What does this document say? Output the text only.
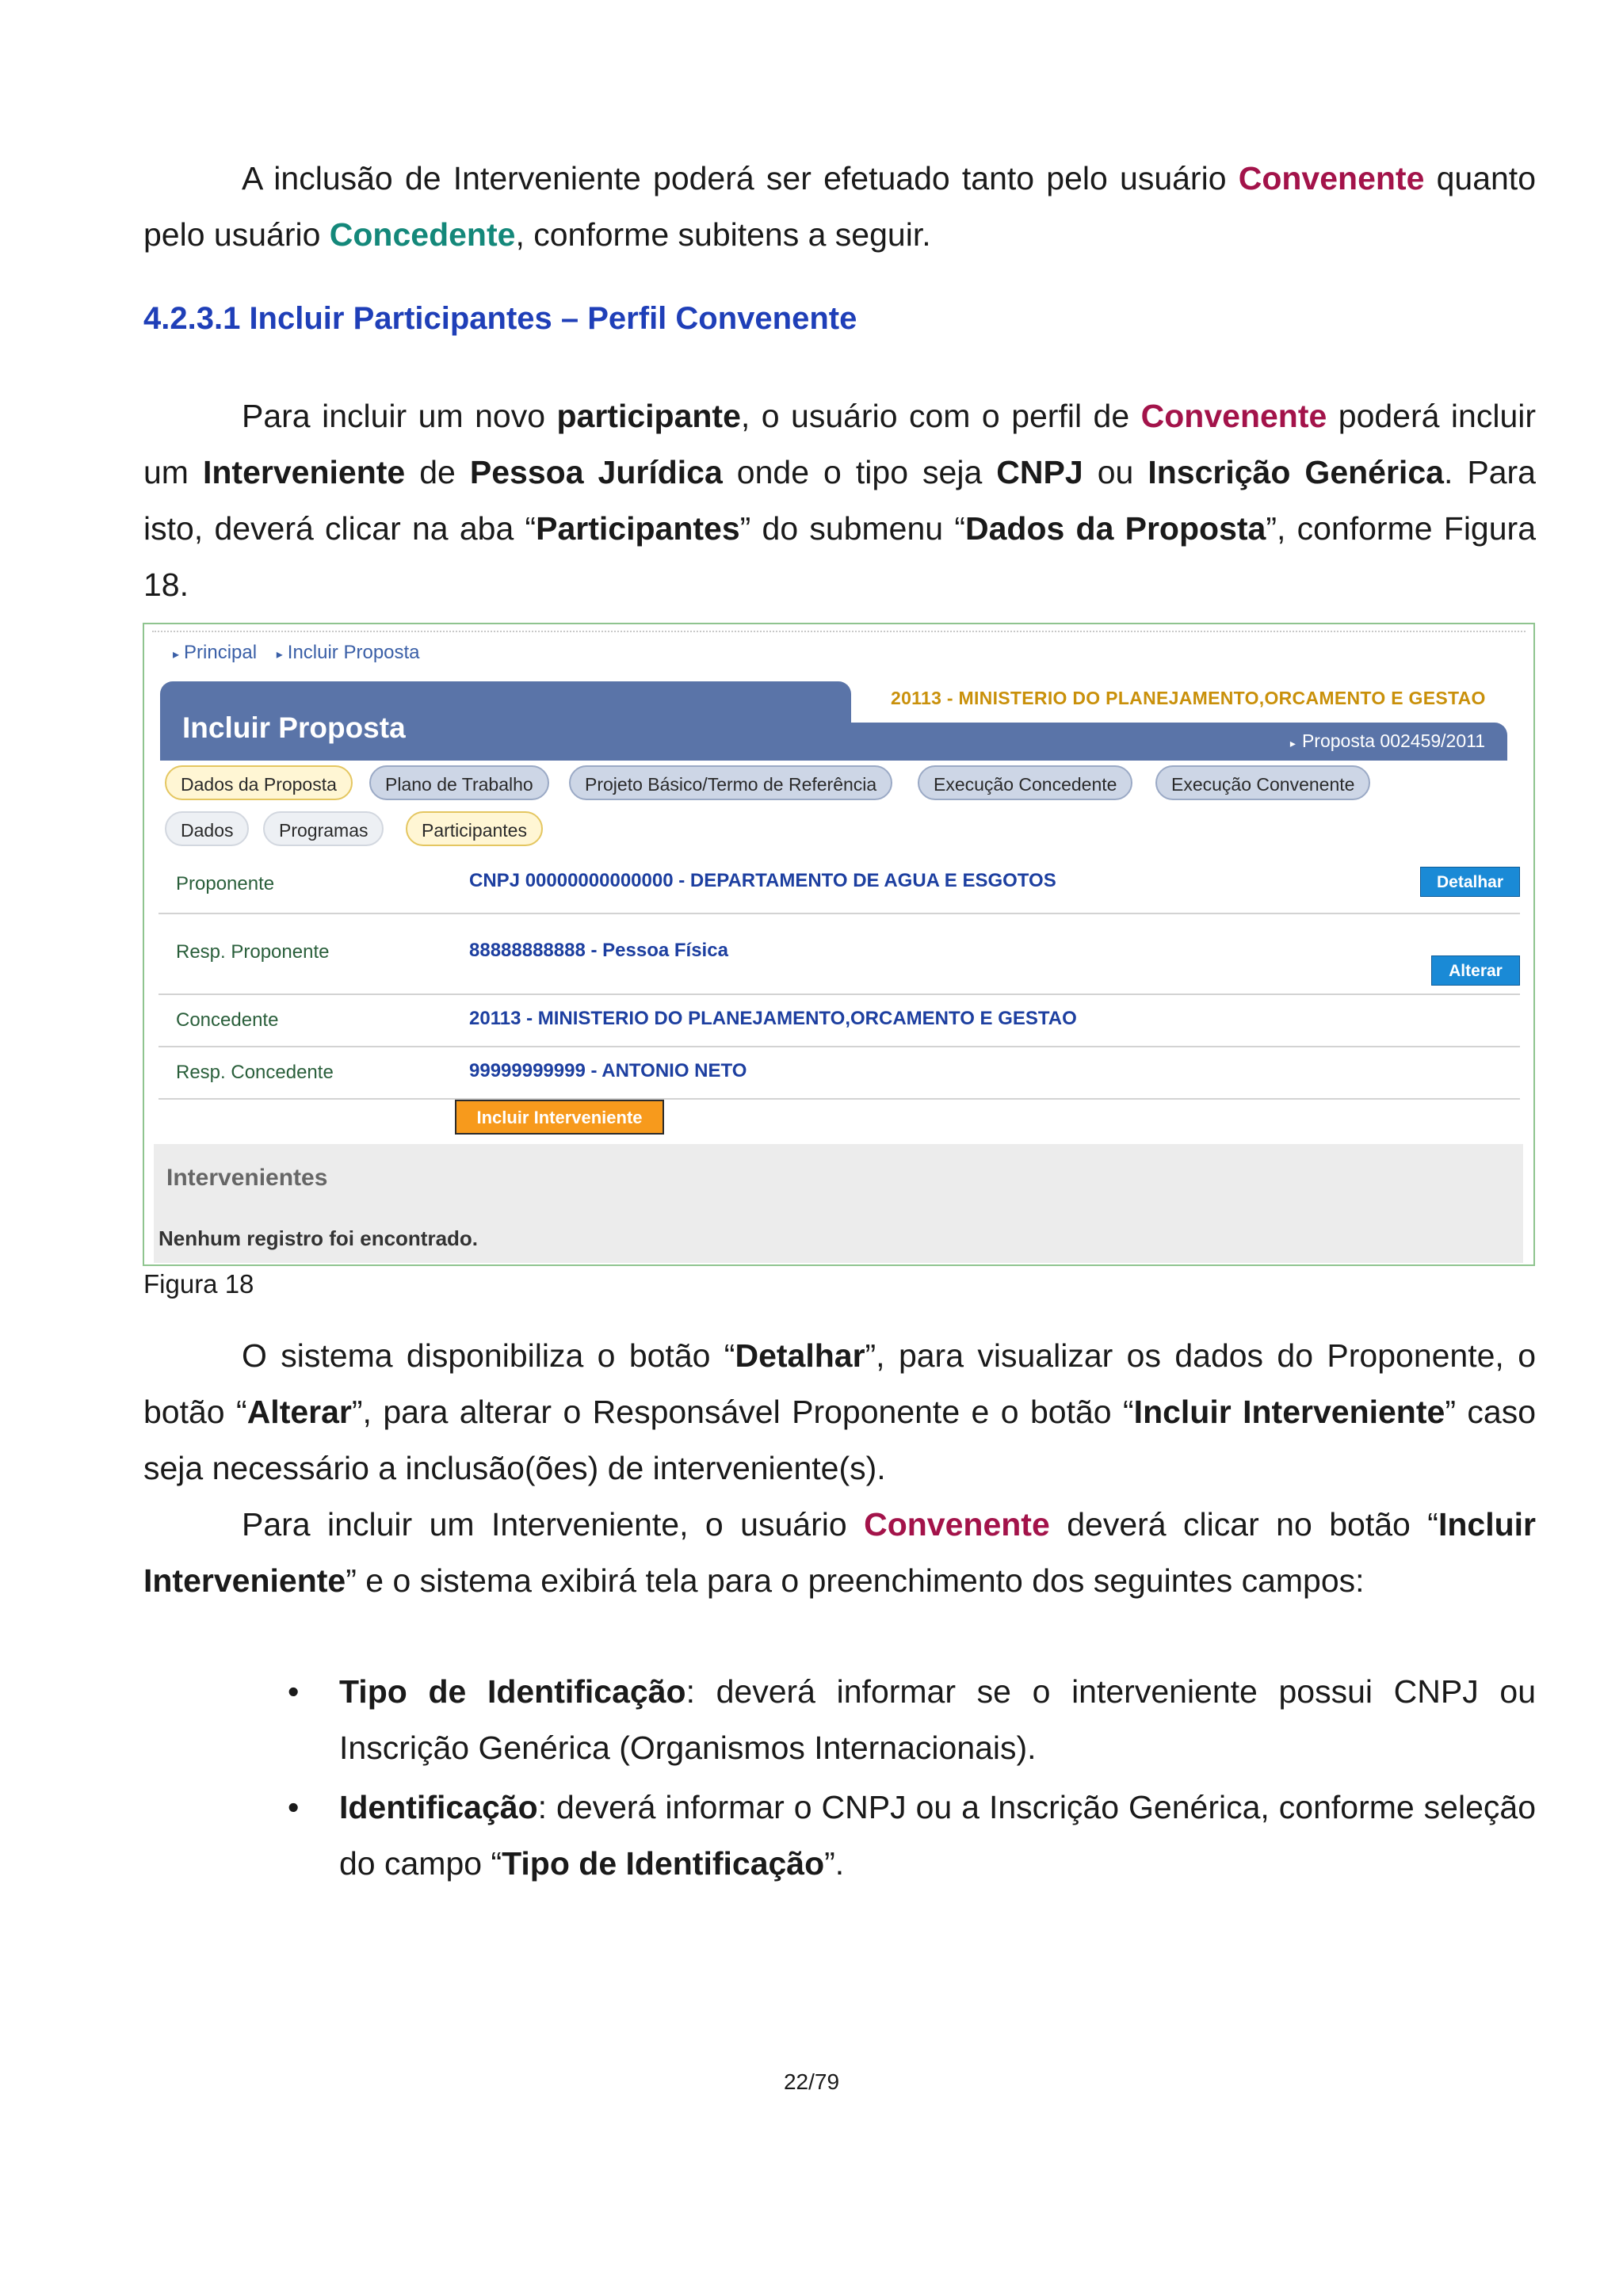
A inclusão de Interveniente poderá ser efetuado tanto pelo usuário Convenente quanto pelo usuário Concedente, conforme subitens a seguir.

4.2.3.1 Incluir Participantes – Perfil Convenente

Para incluir um novo participante, o usuário com o perfil de Convenente poderá incluir um Interveniente de Pessoa Jurídica onde o tipo seja CNPJ ou Inscrição Genérica. Para isto, deverá clicar na aba “Participantes” do submenu “Dados da Proposta”, conforme Figura 18.

▸ Principal ▸ Incluir Proposta
Incluir Proposta
20113 - MINISTERIO DO PLANEJAMENTO,ORCAMENTO E GESTAO
▸ Proposta 002459/2011
Dados da Proposta	Plano de Trabalho	Projeto Básico/Termo de Referência	Execução Concedente	Execução Convenente
Dados	Programas	Participantes
Proponente	CNPJ 00000000000000 - DEPARTAMENTO DE AGUA E ESGOTOS	Detalhar
Resp. Proponente	88888888888 - Pessoa Física
Alterar
Concedente	20113 - MINISTERIO DO PLANEJAMENTO,ORCAMENTO E GESTAO
Resp. Concedente	99999999999 - ANTONIO NETO
Incluir Interveniente
Intervenientes
Nenhum registro foi encontrado.

Figura 18

O sistema disponibiliza o botão “Detalhar”, para visualizar os dados do Proponente, o botão “Alterar”, para alterar o Responsável Proponente e o botão “Incluir Interveniente” caso seja necessário a inclusão(ões) de interveniente(s).

Para incluir um Interveniente, o usuário Convenente deverá clicar no botão “Incluir Interveniente” e o sistema exibirá tela para o preenchimento dos seguintes campos:

• Tipo de Identificação: deverá informar se o interveniente possui CNPJ ou Inscrição Genérica (Organismos Internacionais).
• Identificação: deverá informar o CNPJ ou a Inscrição Genérica, conforme seleção do campo “Tipo de Identificação”.
22/79
